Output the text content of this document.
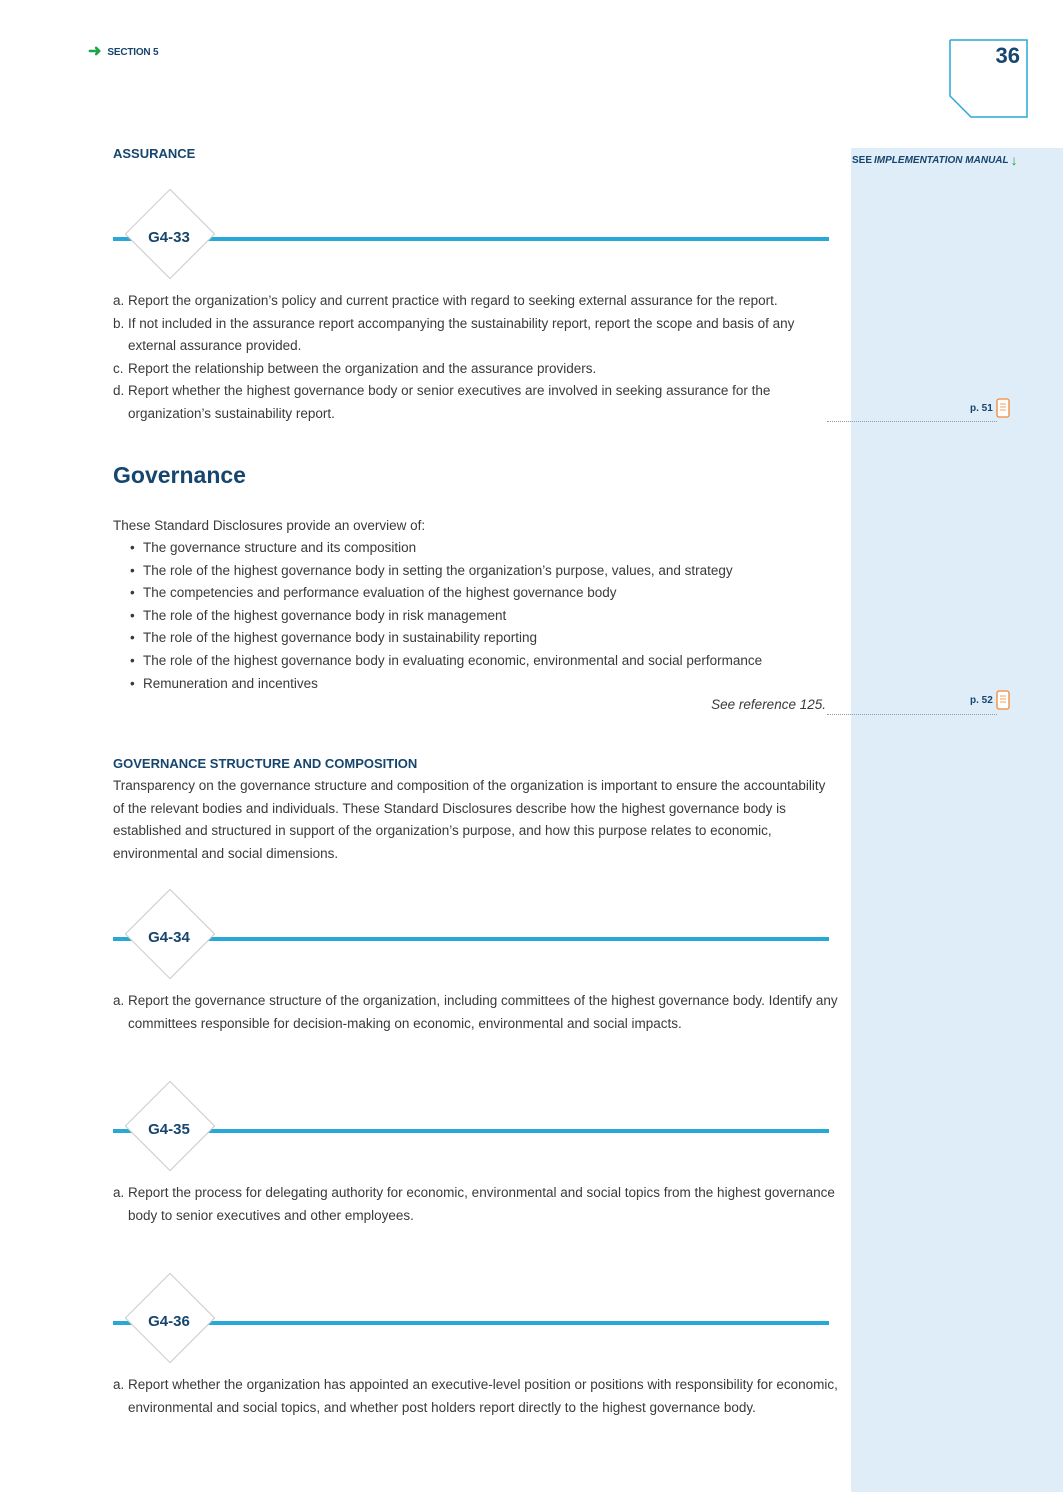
➜ SECTION 5	36
SEE IMPLEMENTATION MANUAL ↓
ASSURANCE
G4-33
a. Report the organization’s policy and current practice with regard to seeking external assurance for the report.
b. If not included in the assurance report accompanying the sustainability report, report the scope and basis of any external assurance provided.
c. Report the relationship between the organization and the assurance providers.
d. Report whether the highest governance body or senior executives are involved in seeking assurance for the organization’s sustainability report.	p. 51
Governance
These Standard Disclosures provide an overview of:
• The governance structure and its composition
• The role of the highest governance body in setting the organization’s purpose, values, and strategy
• The competencies and performance evaluation of the highest governance body
• The role of the highest governance body in risk management
• The role of the highest governance body in sustainability reporting
• The role of the highest governance body in evaluating economic, environmental and social performance
• Remuneration and incentives
See reference 125.	p. 52
GOVERNANCE STRUCTURE AND COMPOSITION
Transparency on the governance structure and composition of the organization is important to ensure the accountability of the relevant bodies and individuals. These Standard Disclosures describe how the highest governance body is established and structured in support of the organization’s purpose, and how this purpose relates to economic, environmental and social dimensions.
G4-34
a. Report the governance structure of the organization, including committees of the highest governance body. Identify any committees responsible for decision-making on economic, environmental and social impacts.
G4-35
a. Report the process for delegating authority for economic, environmental and social topics from the highest governance body to senior executives and other employees.
G4-36
a. Report whether the organization has appointed an executive-level position or positions with responsibility for economic, environmental and social topics, and whether post holders report directly to the highest governance body.
